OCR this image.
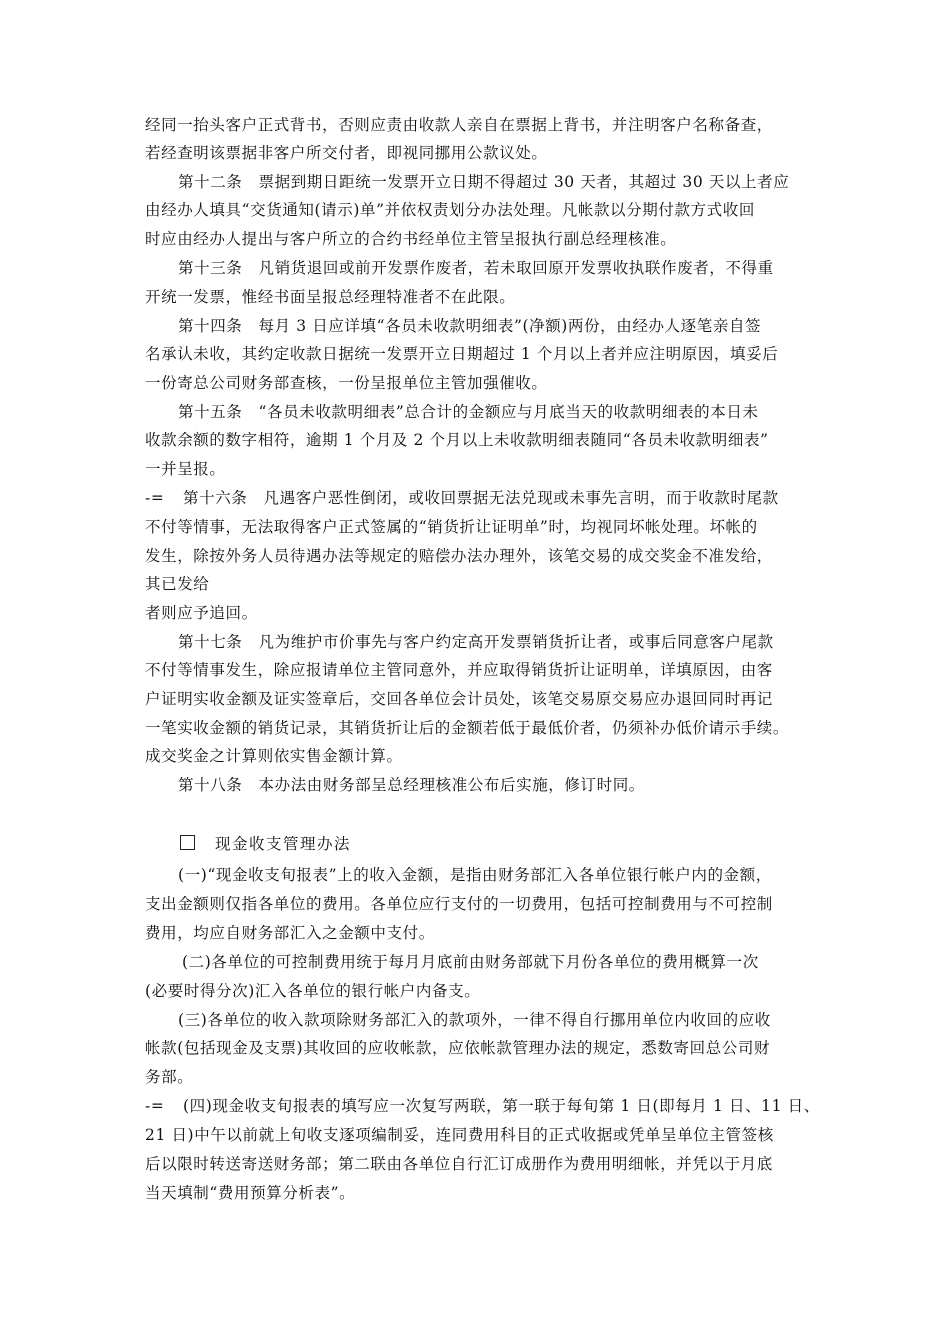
经同一抬头客户正式背书，否则应责由收款人亲自在票据上背书，并注明客户名称备查，
若经查明该票据非客户所交付者，即视同挪用公款议处。
第十二条　票据到期日距统一发票开立日期不得超过 30 天者，其超过 30 天以上者应
由经办人填具“交货通知(请示)单”并依权责划分办法处理。凡帐款以分期付款方式收回
时应由经办人提出与客户所立的合约书经单位主管呈报执行副总经理核准。
第十三条　凡销货退回或前开发票作废者，若未取回原开发票收执联作废者，不得重
开统一发票，惟经书面呈报总经理特准者不在此限。
第十四条　每月 3 日应详填“各员未收款明细表”(净额)两份，由经办人逐笔亲自签
名承认未收，其约定收款日据统一发票开立日期超过 1 个月以上者并应注明原因，填妥后
一份寄总公司财务部查核，一份呈报单位主管加强催收。
第十五条　“各员未收款明细表”总合计的金额应与月底当天的收款明细表的本日未
收款余额的数字相符，逾期 1 个月及 2 个月以上未收款明细表随同“各员未收款明细表”
一并呈报。
-= 第十六条　凡遇客户恶性倒闭，或收回票据无法兑现或未事先言明，而于收款时尾款
不付等情事，无法取得客户正式签属的“销货折让证明单”时，均视同坏帐处理。坏帐的
发生，除按外务人员待遇办法等规定的赔偿办法办理外，该笔交易的成交奖金不准发给，
其已发给
者则应予追回。
第十七条　凡为维护市价事先与客户约定高开发票销货折让者，或事后同意客户尾款
不付等情事发生，除应报请单位主管同意外，并应取得销货折让证明单，详填原因，由客
户证明实收金额及证实签章后，交回各单位会计员处，该笔交易原交易应办退回同时再记
一笔实收金额的销货记录，其销货折让后的金额若低于最低价者，仍须补办低价请示手续。
成交奖金之计算则依实售金额计算。
第十八条　本办法由财务部呈总经理核准公布后实施，修订时同。
现金收支管理办法
(一)“现金收支旬报表”上的收入金额，是指由财务部汇入各单位银行帐户内的金额，
支出金额则仅指各单位的费用。各单位应行支付的一切费用，包括可控制费用与不可控制
费用，均应自财务部汇入之金额中支付。
(二)各单位的可控制费用统于每月月底前由财务部就下月份各单位的费用概算一次
(必要时得分次)汇入各单位的银行帐户内备支。
(三)各单位的收入款项除财务部汇入的款项外，一律不得自行挪用单位内收回的应收
帐款(包括现金及支票)其收回的应收帐款，应依帐款管理办法的规定，悉数寄回总公司财
务部。
-= (四)现金收支旬报表的填写应一次复写两联，第一联于每旬第 1 日(即每月 1 日、11 日、
21 日)中午以前就上旬收支逐项编制妥，连同费用科目的正式收据或凭单呈单位主管签核
后以限时转送寄送财务部；第二联由各单位自行汇订成册作为费用明细帐，并凭以于月底
当天填制“费用预算分析表”。
